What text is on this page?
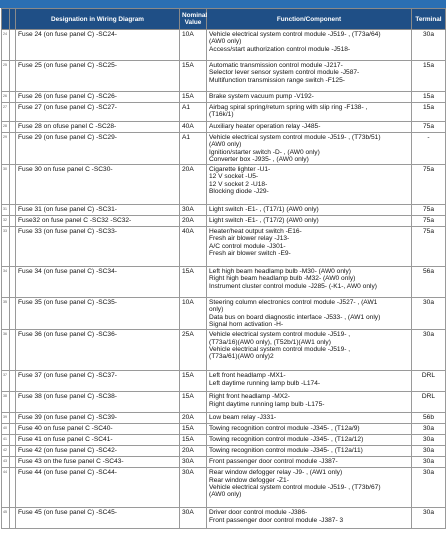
		Designation in Wiring Diagram	Nominal Value	Function/Component	Terminal
24		Fuse 24 (on fuse panel C) -SC24-	10A	Vehicle electrical system control module -J519- , (T73a/64)
(AW0 only)
Access/start authorization control module -J518-	30a
25		Fuse 25 (on fuse panel C) -SC25-	15A	Automatic transmission control module -J217-
Selector lever sensor system control module -J587-
Multifunction transmission range switch -F125-	15a
26		Fuse 26 (on fuse panel C) -SC26-	15A	Brake system vacuum pump -V192-	15a
27		Fuse 27 (on fuse panel C) -SC27-	A1	Airbag spiral spring/return spring with slip ring -F138- ,
(T16k/1)	15a
28		Fuse 28 on ofuse panel C -SC28-	40A	Auxiliary heater operation relay -J485-	75a
29		Fuse 29 (on fuse panel C) -SC29-	A1	Vehicle electrical system control module -J519- , (T73b/51)
(AW0 only)
Ignition/starter switch -D- , (AW0 only)
Converter box -J935- , (AW0 only)	-
30		Fuse 30 on fuse panel C -SC30-	20A	Cigarette lighter -U1-
12 V socket -U5-
12 V socket 2 -U18-
Blocking diode -J29-	75a
31		Fuse 31 (on fuse panel C) -SC31-	30A	Light switch -E1- , (T17/1) (AW0 only)	75a
32		Fuse32 on fuse panel C -SC32 -SC32-	20A	Light switch -E1- , (T17/2) (AW0 only)	75a
33		Fuse 33 (on fuse panel C) -SC33-	40A	Heater/heat output switch -E16-
Fresh air blower relay -J13-
A/C control module -J301-
Fresh air blower switch -E9-	75a
34		Fuse 34 (on fuse panel C) -SC34-	15A	Left high beam headlamp bulb -M30- (AW0 only)
Right high beam headlamp bulb -M32- (AW0 only)
Instrument cluster control module -J285- (-K1-, AW0 only)	56a
35		Fuse 35 (on fuse panel C) -SC35-	10A	Steering column electronics control module -J527- , (AW1
only)
Data bus on board diagnostic interface -J533- , (AW1 only)
Signal horn activation -H-	30a
36		Fuse 36 (on fuse panel C) -SC36-	25A	Vehicle electrical system control module -J519- ,
(T73a/16)(AW0 only), (T52b/1)(AW1 only)
Vehicle electrical system control module -J519- ,
(T73a/61)(AW0 only)2	30a
37		Fuse 37 (on fuse panel C) -SC37-	15A	Left front headlamp -MX1-
Left daytime running lamp bulb -L174-	DRL
38		Fuse 38 (on fuse panel C) -SC38-	15A	Right front headlamp -MX2-
Right daytime running lamp bulb -L175-	DRL
39		Fuse 39 (on fuse panel C) -SC39-	20A	Low beam relay -J331-	56b
40		Fuse 40 on fuse panel C -SC40-	15A	Towing recognition control module -J345- , (T12a/9)	30a
41		Fuse 41 on fuse panel C -SC41-	15A	Towing recognition control module -J345- , (T12a/12)	30a
42		Fuse 42 (on fuse panel C) -SC42-	20A	Towing recognition control module -J345- , (T12a/11)	30a
43		Fuse 43 on the fuse panel C -SC43-	30A	Front passenger door control module -J387-	30a
44		Fuse 44 (on fuse panel C) -SC44-	30A	Rear window defogger relay -J9- , (AW1 only)
Rear window defogger -Z1-
Vehicle electrical system control module -J519- , (T73b/67)
(AW0 only)	30a
45		Fuse 45 (on fuse panel C) -SC45-	30A	Driver door control module -J386-
Front passenger door control module -J387- 3	30a
